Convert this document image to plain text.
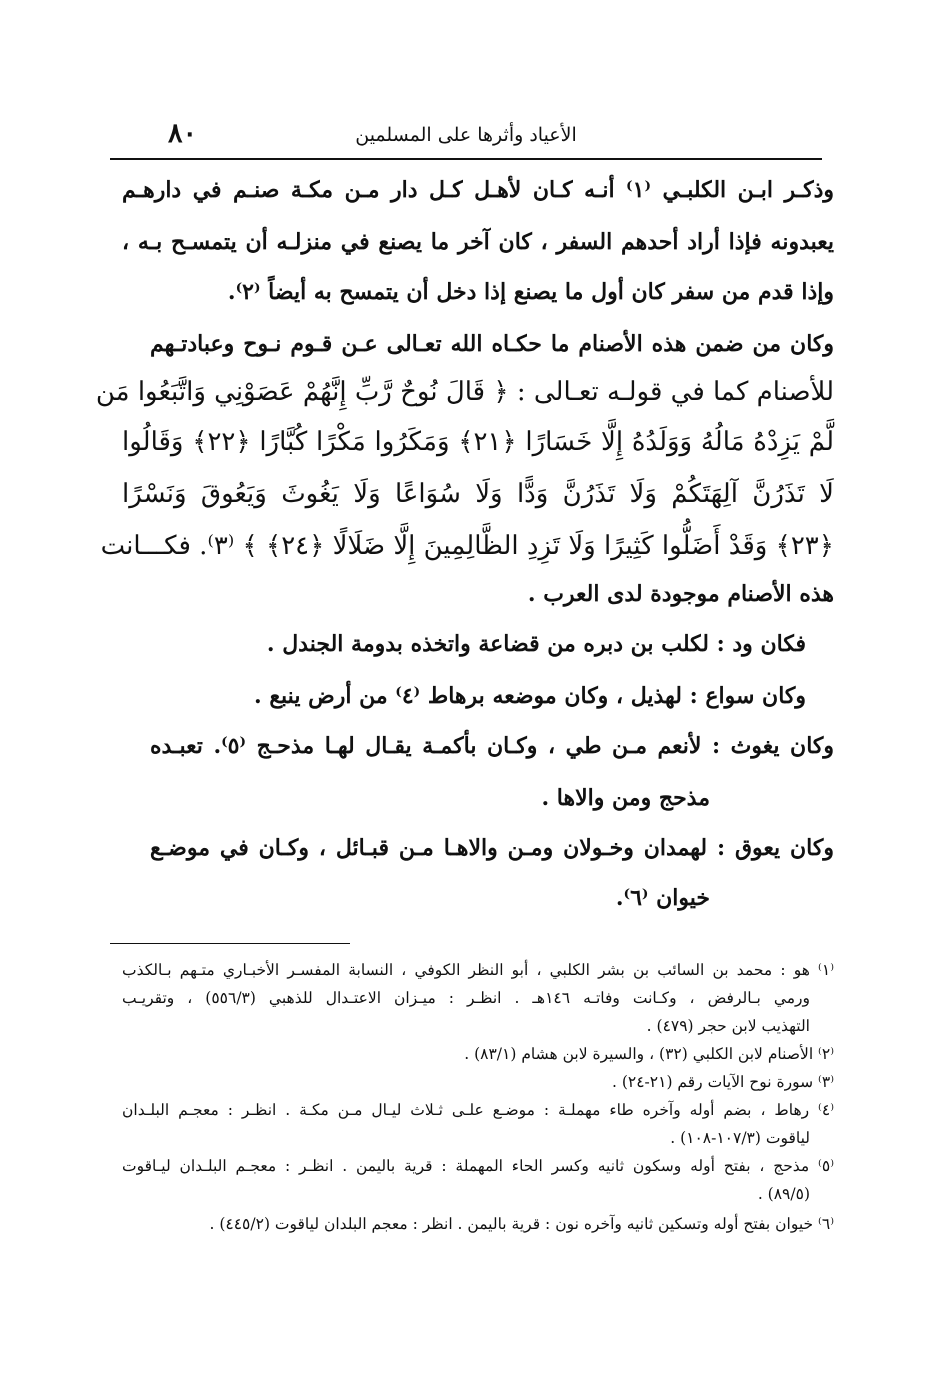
الأعياد وأثرها على المسلمين
٨٠
وذكـر ابـن الكلبـي ⁽١⁾ أنـه كـان لأهـل كـل دار مـن مكـة صنـم في دارهـم
يعبدونه فإذا أراد أحدهم السفر ، كان آخر ما يصنع في منزلـه أن يتمسـح بـه ،
وإذا قدم من سفر كان أول ما يصنع إذا دخل أن يتمسح به أيضاً ⁽٢⁾.
وكان من ضمن هذه الأصنام ما حكـاه الله تعـالى عـن قـوم نـوح وعبادتـهم
للأصنام كما في قولـه تعـالى : ﴿ قَالَ نُوحٌ رَّبِّ إِنَّهُمْ عَصَوْنِي وَاتَّبَعُوا مَن
لَّمْ يَزِدْهُ مَالُهُ وَوَلَدُهُ إِلَّا خَسَارًا ﴿٢١﴾ وَمَكَرُوا مَكْرًا كُبَّارًا ﴿٢٢﴾ وَقَالُوا
لَا تَذَرُنَّ آلِهَتَكُمْ وَلَا تَذَرُنَّ وَدًّا وَلَا سُوَاعًا وَلَا يَغُوثَ وَيَعُوقَ وَنَسْرًا
﴿٢٣﴾ وَقَدْ أَضَلُّوا كَثِيرًا وَلَا تَزِدِ الظَّالِمِينَ إِلَّا ضَلَالًا ﴿٢٤﴾ ﴾ ⁽٣⁾. فكـــانت
هذه الأصنام موجودة لدى العرب .
فكان ود : لكلب بن دبره من قضاعة واتخذه بدومة الجندل .
وكان سواع : لهذيل ، وكان موضعه برهاط ⁽٤⁾ من أرض ينبع .
وكان يغوث : لأنعم مـن طي ، وكـان بأكمـة يقـال لهـا مذحـج ⁽٥⁾. تعبـده
مذحج ومن والاها .
وكان يعوق : لهمدان وخـولان ومـن والاهـا مـن قبـائل ، وكـان في موضـع
خيوان ⁽٦⁾.
⁽١⁾ هو : محمد بن السائب بن بشر الكلبي ، أبو النظر الكوفي ، النسابة المفسـر الأخبـاري متـهم بـالكذب
ورمي بـالرفض ، وكـانت وفاتـه ١٤٦هـ . انظـر : ميـزان الاعتـدال للذهبي (٥٥٦/٣) ، وتقريـب
التهذيب لابن حجر (٤٧٩) .
⁽٢⁾ الأصنام لابن الكلبي (٣٢) ، والسيرة لابن هشام (٨٣/١) .
⁽٣⁾ سورة نوح الآيات رقم (٢١-٢٤) .
⁽٤⁾ رهاط ، بضم أوله وآخره طاء مهملـة : موضـع علـى ثـلاث ليـال مـن مكـة . انظـر : معجـم البلـدان
لياقوت (١٠٧/٣-١٠٨) .
⁽٥⁾ مذحج ، بفتح أوله وسكون ثانيه وكسر الحاء المهملة : قرية باليمن . انظـر : معجـم البلـدان ليـاقوت
(٨٩/٥) .
⁽٦⁾ خيوان بفتح أوله وتسكين ثانيه وآخره نون : قرية باليمن . انظر : معجم البلدان لياقوت (٤٤٥/٢) .
